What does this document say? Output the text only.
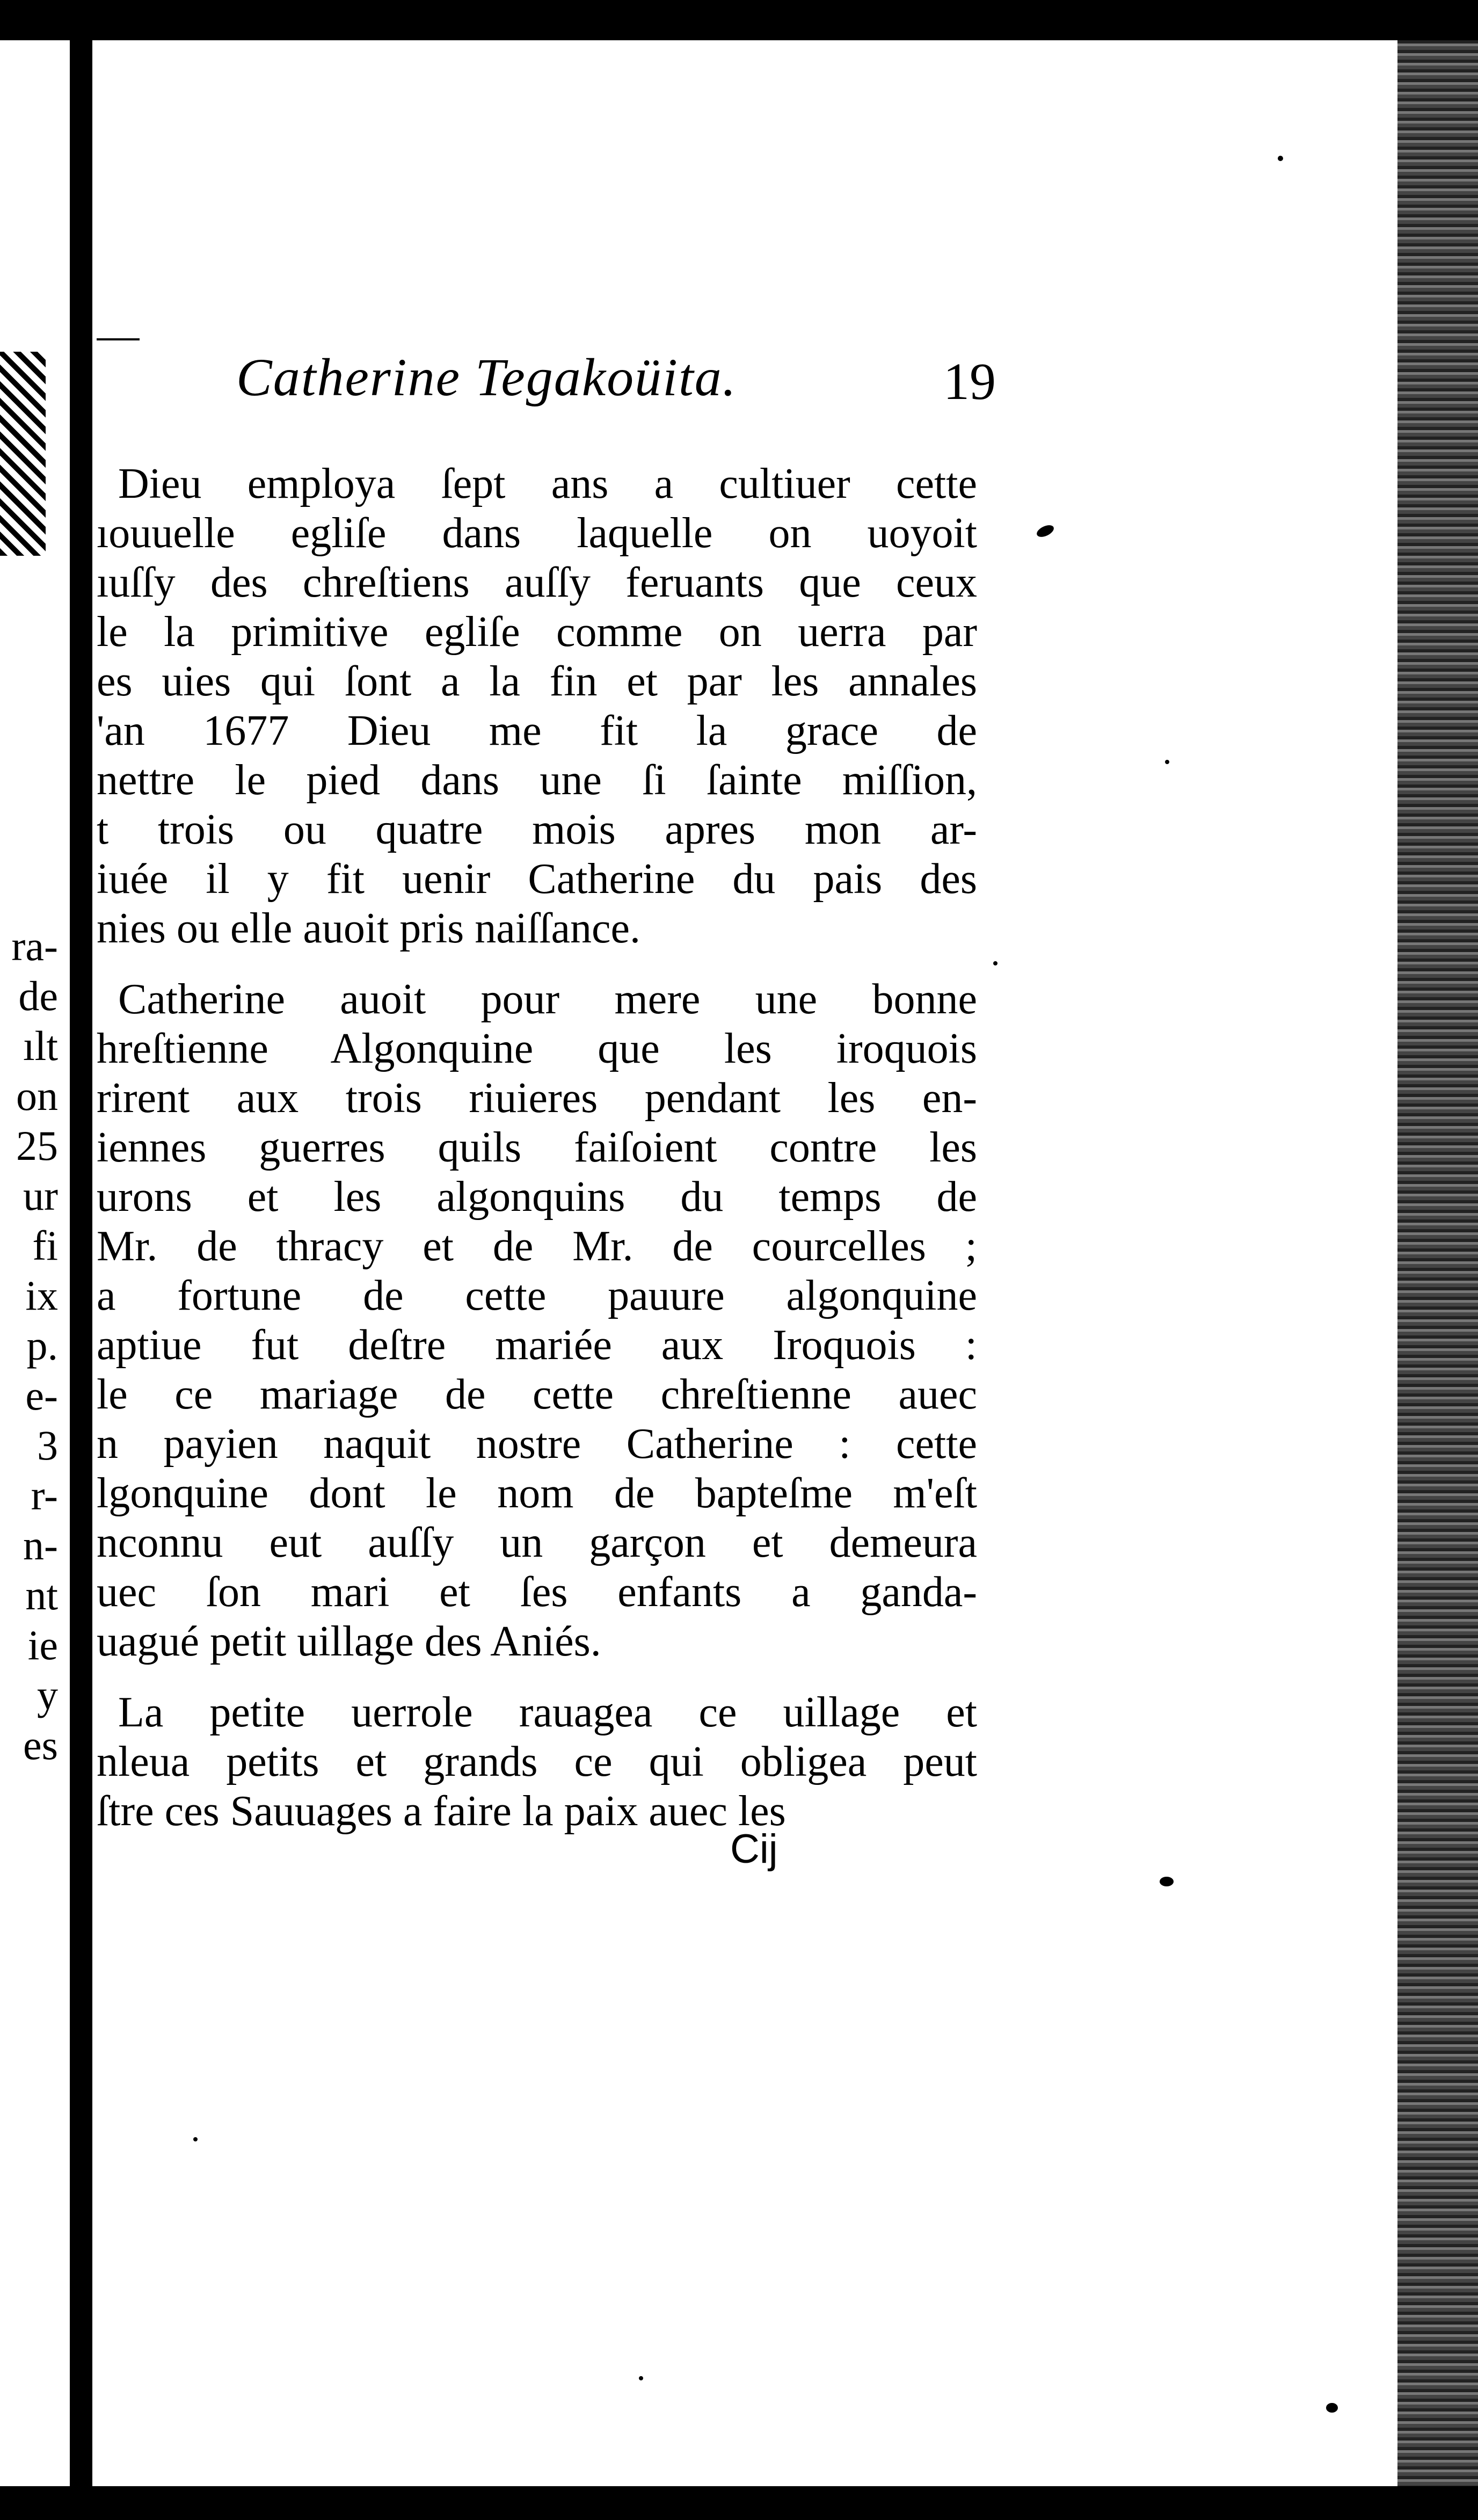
ra-
de
ılt
on
25
ur
fi
ix
p.
e-
3
r-
n-
nt
ie
y
es
Catherine Tegakoüita.	19
Dieu employa ſept ans a cultiuer cette
ıouuelle egliſe dans laquelle on uoyoit
ıuſſy des chreſtiens auſſy feruants que ceux
le la primitive egliſe comme on uerra par
es uies qui ſont a la fin et par les annales
'an 1677 Dieu me fit la grace de
nettre le pied dans une ſi ſainte miſſion,
t trois ou quatre mois apres mon ar-
iuée il y fit uenir Catherine du pais des
nies ou elle auoit pris naiſſance.
Catherine auoit pour mere une bonne
hreſtienne Algonquine que les iroquois
rirent aux trois riuieres pendant les en-
iennes guerres quils faiſoient contre les
urons et les algonquins du temps de
Mr. de thracy et de Mr. de courcelles ;
a fortune de cette pauure algonquine
aptiue fut deſtre mariée aux Iroquois :
le ce mariage de cette chreſtienne auec
n payien naquit nostre Catherine : cette
lgonquine dont le nom de bapteſme m'eſt
nconnu eut auſſy un garçon et demeura
uec ſon mari et ſes enfants a ganda-
uagué petit uillage des Aniés.
La petite uerrole rauagea ce uillage et
nleua petits et grands ce qui obligea peut
ſtre ces Sauuages a faire la paix auec les
Cij
